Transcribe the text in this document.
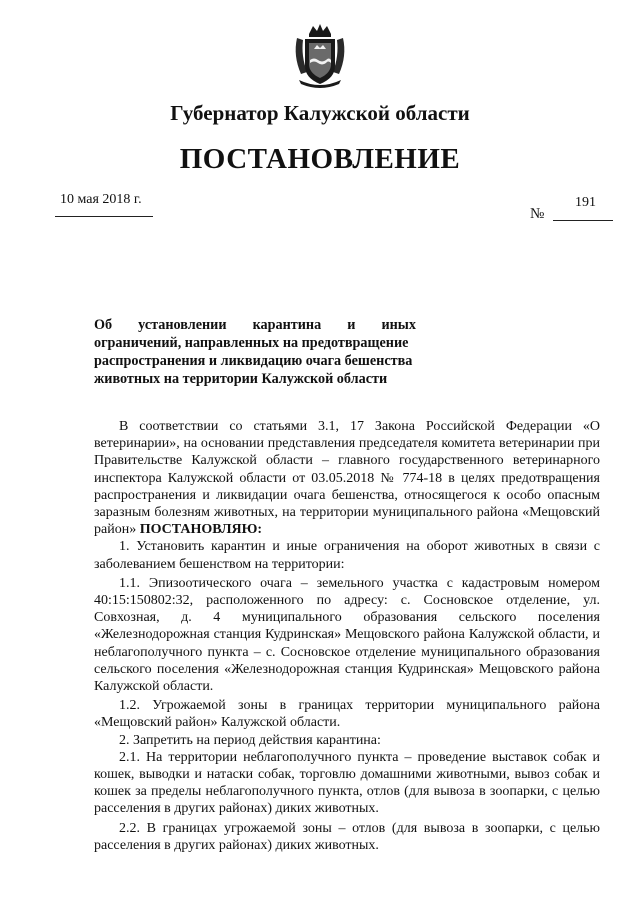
Губернатор Калужской области
ПОСТАНОВЛЕНИЕ
10 мая 2018 г.	191
№
Об установлении карантина и иных
ограничений, направленных на предотвращение
распространения и ликвидацию очага бешенства
животных на территории Калужской области

В соответствии со статьями 3.1, 17 Закона Российской Федерации «О ветеринарии», на основании представления председателя комитета ветеринарии при Правительстве Калужской области – главного государственного ветеринарного инспектора Калужской области от 03.05.2018 № 774-18 в целях предотвращения распространения и ликвидации очага бешенства, относящегося к особо опасным заразным болезням животных, на территории муниципального района «Мещовский район» ПОСТАНОВЛЯЮ:

1. Установить карантин и иные ограничения на оборот животных в связи с заболеванием бешенством на территории:

1.1. Эпизоотического очага – земельного участка с кадастровым номером 40:15:150802:32, расположенного по адресу: с. Сосновское отделение, ул. Совхозная, д. 4 муниципального образования сельского поселения «Железнодорожная станция Кудринская» Мещовского района Калужской области, и неблагополучного пункта – с. Сосновское отделение муниципального образования сельского поселения «Железнодорожная станция Кудринская» Мещовского района Калужской области.

1.2. Угрожаемой зоны в границах территории муниципального района «Мещовский район» Калужской области.

2. Запретить на период действия карантина:

2.1. На территории неблагополучного пункта – проведение выставок собак и кошек, выводки и натаски собак, торговлю домашними животными, вывоз собак и кошек за пределы неблагополучного пункта, отлов (для вывоза в зоопарки, с целью расселения в других районах) диких животных.

2.2. В границах угрожаемой зоны – отлов (для вывоза в зоопарки, с целью расселения в других районах) диких животных.
